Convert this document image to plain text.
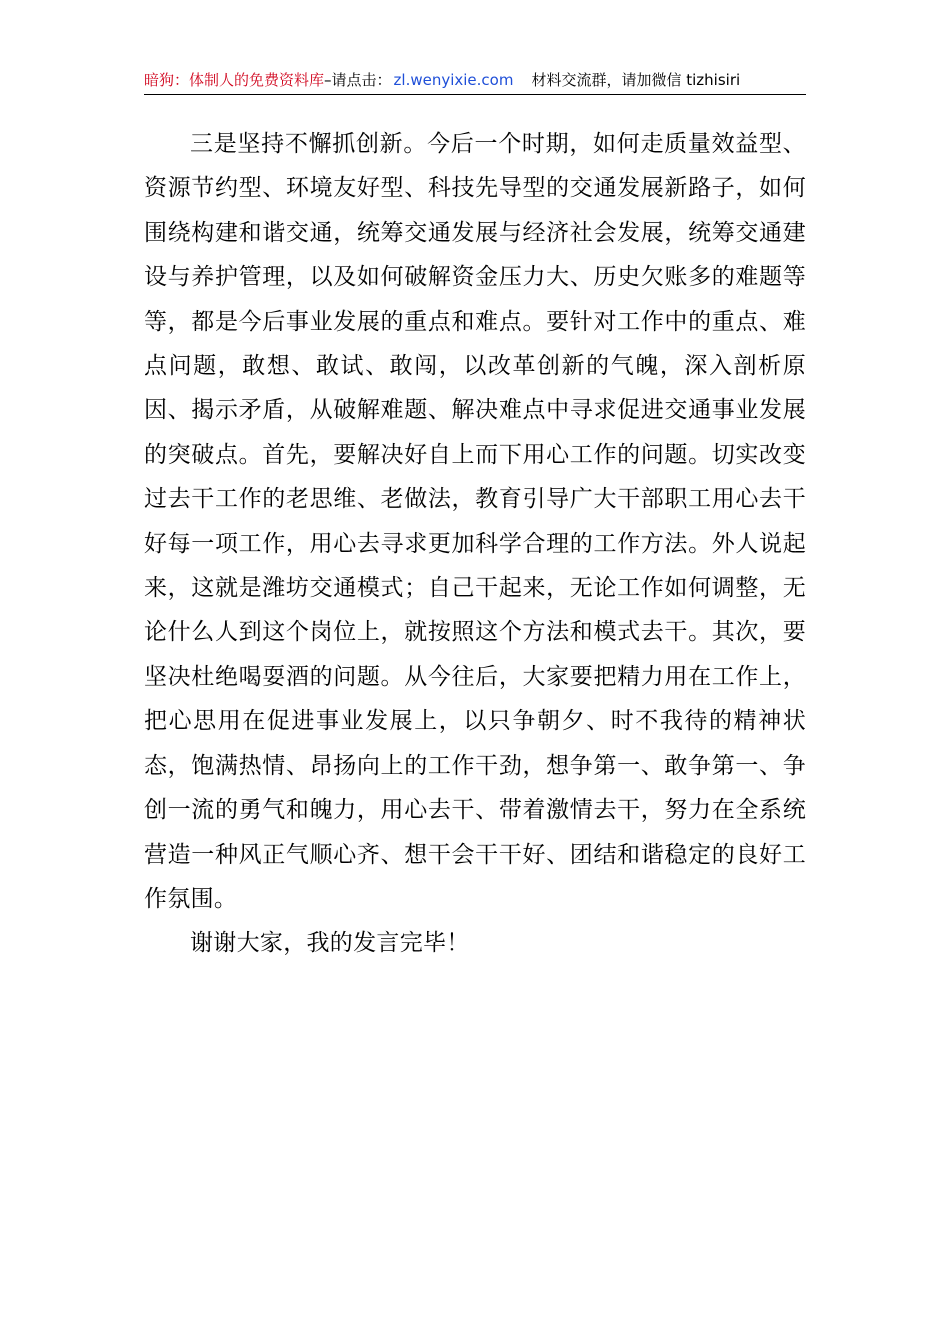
暗狗：体制人的免费资料库–请点击： zl.wenyixie.com 材料交流群，请加微信 tizhisiri

三是坚持不懈抓创新。今后一个时期，如何走质量效益型、资源节约型、环境友好型、科技先导型的交通发展新路子，如何围绕构建和谐交通，统筹交通发展与经济社会发展，统筹交通建设与养护管理，以及如何破解资金压力大、历史欠账多的难题等等，都是今后事业发展的重点和难点。要针对工作中的重点、难点问题，敢想、敢试、敢闯，以改革创新的气魄，深入剖析原因、揭示矛盾，从破解难题、解决难点中寻求促进交通事业发展的突破点。首先，要解决好自上而下用心工作的问题。切实改变过去干工作的老思维、老做法，教育引导广大干部职工用心去干好每一项工作，用心去寻求更加科学合理的工作方法。外人说起来，这就是潍坊交通模式；自己干起来，无论工作如何调整，无论什么人到这个岗位上，就按照这个方法和模式去干。其次，要坚决杜绝喝耍酒的问题。从今往后，大家要把精力用在工作上，把心思用在促进事业发展上，以只争朝夕、时不我待的精神状态，饱满热情、昂扬向上的工作干劲，想争第一、敢争第一、争创一流的勇气和魄力，用心去干、带着激情去干，努力在全系统营造一种风正气顺心齐、想干会干干好、团结和谐稳定的良好工作氛围。

谢谢大家，我的发言完毕！
